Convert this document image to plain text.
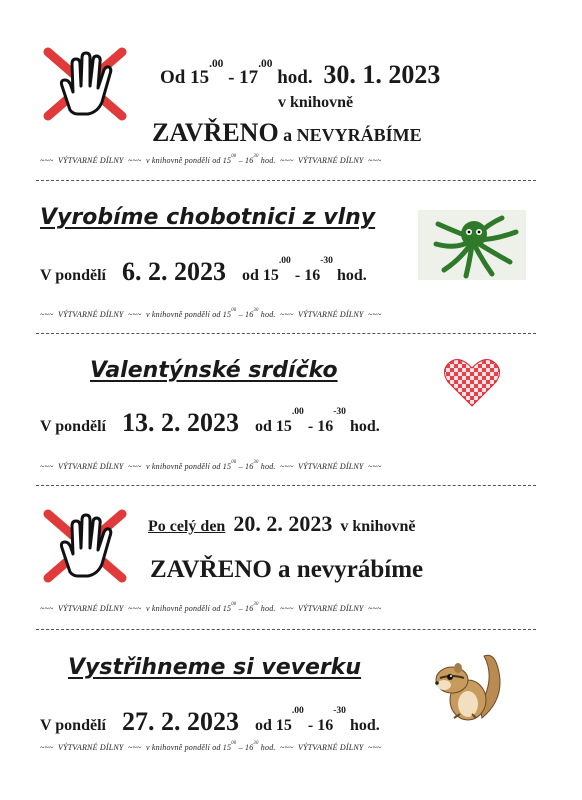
Od $15^{.00} - 17^{.00}$ hod. 30. 1. 2023
v knihovně
ZAVŘENO a NEVYRÁBÍME
~~~ VÝTVARNÉ DÍLNY ~~~ v knihovně pondělí od $15^{00} - 16^{30}$ hod. ~~~ VÝTVARNÉ DÍLNY ~~~
Vyrobíme chobotnici z vlny
V pondělí 6. 2. 2023 od $15^{.00} - 16^{-30}$ hod.
~~~ VÝTVARNÉ DÍLNY ~~~ v knihovně pondělí od $15^{00} - 16^{30}$ hod. ~~~ VÝTVARNÉ DÍLNY ~~~
Valentýnské srdíčko
V pondělí 13. 2. 2023 od $15^{.00} - 16^{-30}$ hod.
~~~ VÝTVARNÉ DÍLNY ~~~ v knihovně pondělí od $15^{00} - 16^{30}$ hod. ~~~ VÝTVARNÉ DÍLNY ~~~
Po celý den 20. 2. 2023 v knihovně
ZAVŘENO a nevyrábíme
~~~ VÝTVARNÉ DÍLNY ~~~ v knihovně pondělí od $15^{00} - 16^{30}$ hod. ~~~ VÝTVARNÉ DÍLNY ~~~
Vystřihneme si veverku
V pondělí 27. 2. 2023 od $15^{.00} - 16^{-30}$ hod.
~~~ VÝTVARNÉ DÍLNY ~~~ v knihovně pondělí od $15^{00} - 16^{30}$ hod. ~~~ VÝTVARNÉ DÍLNY ~~~
